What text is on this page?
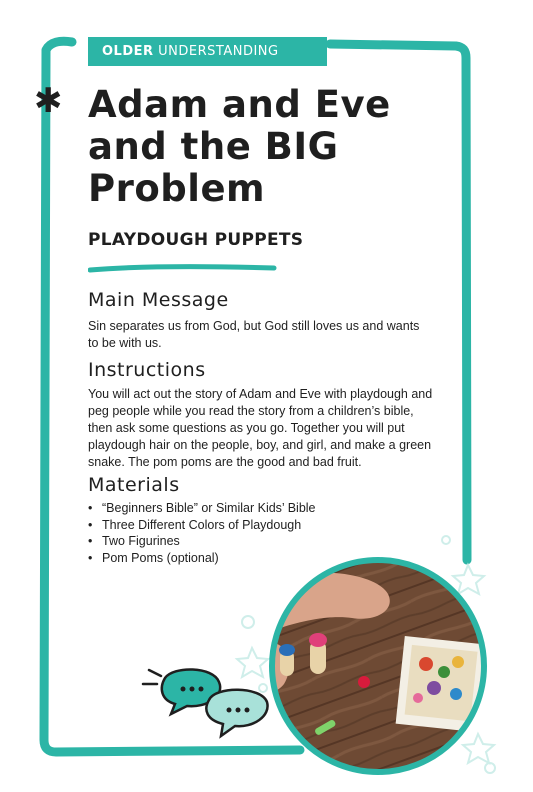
OLDER UNDERSTANDING
✱ Adam and Eve
and the BIG
Problem
PLAYDOUGH PUPPETS
Main Message
Sin separates us from God, but God still loves us and wants to be with us.
Instructions
You will act out the story of Adam and Eve with playdough and peg people while you read the story from a children’s bible, then ask some questions as you go. Together you will put playdough hair on the people, boy, and girl, and make a green snake. The pom poms are the good and bad fruit.
Materials
• “Beginners Bible” or Similar Kids’ Bible
• Three Different Colors of Playdough
• Two Figurines
• Pom Poms (optional)
